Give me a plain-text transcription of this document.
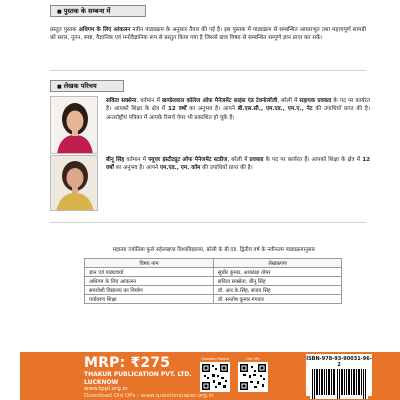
■ पुस्तक के सम्बन्ध में
प्रस्तुत पुस्तक अधिगम के लिए आंकलन नवीन पाठ्यक्रम के अनुसार तैयार की गई है। इस पुस्तक में पाठ्यक्रम से सम्बन्धित आधारभूत तथा महत्त्वपूर्ण सामग्री को सरल, नूतन, स्पष्ट, वैज्ञानिक एवं मनोवैज्ञानिक रूप से प्रस्तुत किया गया है जिससे छात्र विषय से सम्बन्धित सम्पूर्ण ज्ञान प्राप्त कर सकें।
■ लेखक परिचय
सविता सक्सेना, वर्तमान में खण्डेलवाल कॉलेज ऑफ मैनेजमेंट साइंस एंड टेक्नोलॉजी, बरेली में सहायक प्रवक्ता के पद पर कार्यरत है। आपको शिक्षा के क्षेत्र में 12 वर्षों का अनुभव है। आपने बी.एस.सी., एम.एड., एम.ए., नेट की उपाधियाँ प्राप्त की है। अन्तर्राष्ट्रीय पत्रिका में आपके रिसर्च पेपर भी प्रकाशित हो चुके है।
बीनू सिंह वर्तमान में फ्यूचर इंस्टीट्यूट ऑफ मैनेजमेंट स्टडीज, बरेली में प्रवक्ता के पद पर कार्यरत हैं। आपको शिक्षा के क्षेत्र में 12 वर्षों का अनुभव है। आपने एम.एड., एम. कॉम की उपाधियाँ प्राप्त की है।
महात्मा ज्योतिबा फुले रुहेलखण्ड विश्वविद्यालय, बरेली के बी.एड. द्वितीय वर्ष के नवीनतम पाठ्यक्रमानुसार
विषय नाम	लेखकगण
ज्ञान एवं पाठ्यचर्या	सुधीर कुमार, आकांक्षा तोमर
अधिगम के लिए आंकलन	सविता सक्सेना, बीनू सिंह
समावेशी विद्यालय का निर्माण	डॉ. आर.के.सिंह, संजय सिंह
पर्यावरण शिक्षा	डॉ. सन्तोष कुमार गंगवार
MRP: ₹275
THAKUR PUBLICATION PVT. LTD.
LUCKNOW
www.tppl.org.in
Download Old QPs : www.questionpaper.org.in
Question Papers	Old QPs	ISBN-978-93-90031-96-2
